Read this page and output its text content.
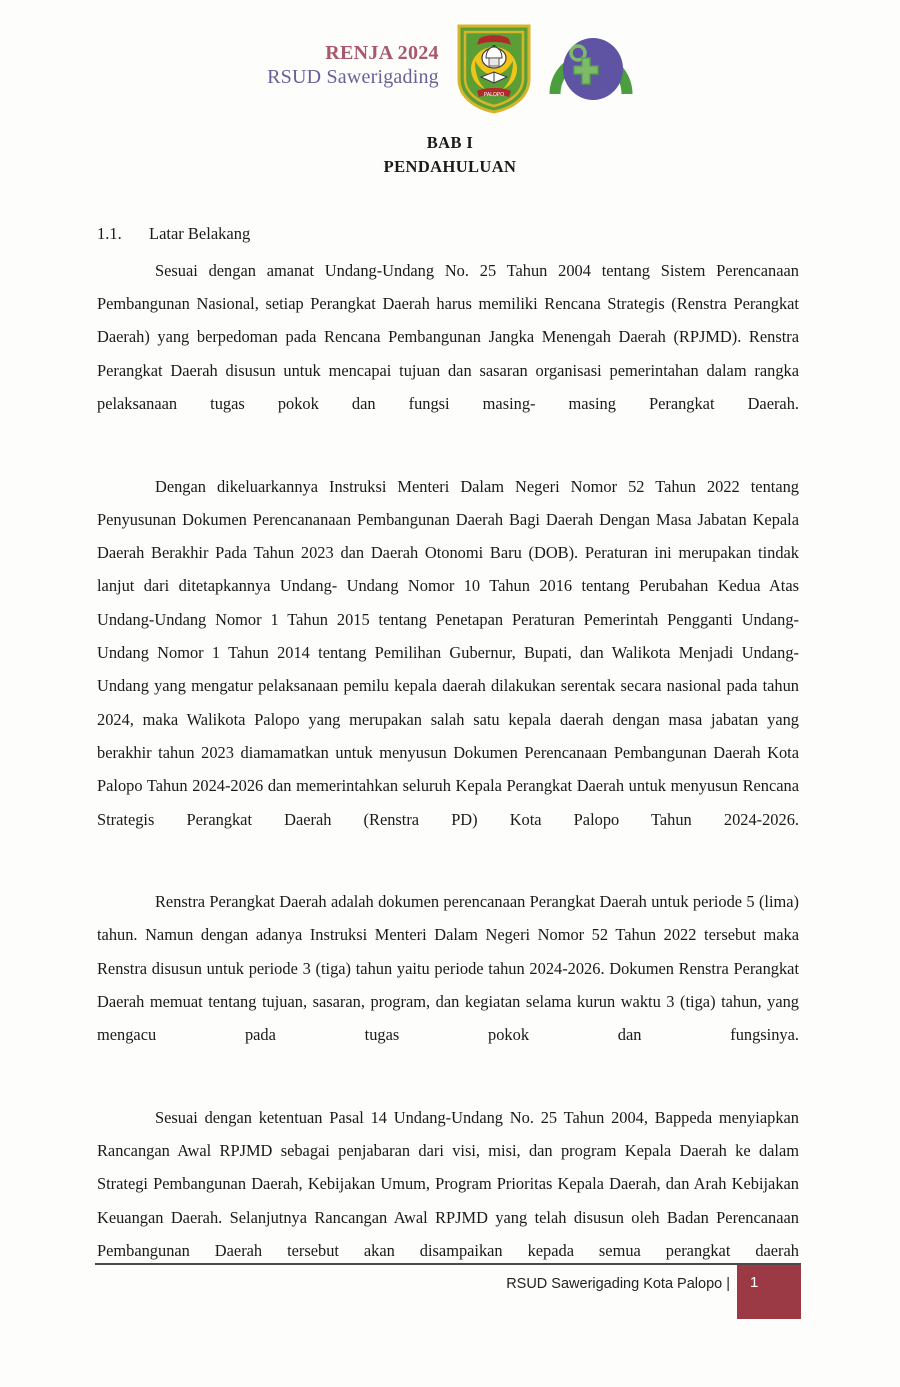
RENJA 2024
RSUD Sawerigading
PALOPO
BAB I
PENDAHULUAN
1.1.	Latar Belakang

Sesuai dengan amanat Undang-Undang No. 25 Tahun 2004 tentang Sistem Perencanaan Pembangunan Nasional, setiap Perangkat Daerah harus memiliki Rencana Strategis (Renstra Perangkat Daerah) yang berpedoman pada Rencana Pembangunan Jangka Menengah Daerah (RPJMD). Renstra Perangkat Daerah disusun untuk mencapai tujuan dan sasaran organisasi pemerintahan dalam rangka pelaksanaan tugas pokok dan fungsi masing- masing Perangkat Daerah.

Dengan dikeluarkannya Instruksi Menteri Dalam Negeri Nomor 52 Tahun 2022 tentang Penyusunan Dokumen Perencananaan Pembangunan Daerah Bagi Daerah Dengan Masa Jabatan Kepala Daerah Berakhir Pada Tahun 2023 dan Daerah Otonomi Baru (DOB). Peraturan ini merupakan tindak lanjut dari ditetapkannya Undang- Undang Nomor 10 Tahun 2016 tentang Perubahan Kedua Atas Undang-Undang Nomor 1 Tahun 2015 tentang Penetapan Peraturan Pemerintah Pengganti Undang-Undang Nomor 1 Tahun 2014 tentang Pemilihan Gubernur, Bupati, dan Walikota Menjadi Undang-Undang yang mengatur pelaksanaan pemilu kepala daerah dilakukan serentak secara nasional pada tahun 2024, maka Walikota Palopo yang merupakan salah satu kepala daerah dengan masa jabatan yang berakhir tahun 2023 diamamatkan untuk menyusun Dokumen Perencanaan Pembangunan Daerah Kota Palopo Tahun 2024-2026 dan memerintahkan seluruh Kepala Perangkat Daerah untuk menyusun Rencana Strategis Perangkat Daerah (Renstra PD) Kota Palopo Tahun 2024-2026.

Renstra Perangkat Daerah adalah dokumen perencanaan Perangkat Daerah untuk periode 5 (lima) tahun. Namun dengan adanya Instruksi Menteri Dalam Negeri Nomor 52 Tahun 2022 tersebut maka Renstra disusun untuk periode 3 (tiga) tahun yaitu periode tahun 2024-2026. Dokumen Renstra Perangkat Daerah memuat tentang tujuan, sasaran, program, dan kegiatan selama kurun waktu 3 (tiga) tahun, yang mengacu pada tugas pokok dan fungsinya.

Sesuai dengan ketentuan Pasal 14 Undang-Undang No. 25 Tahun 2004, Bappeda menyiapkan Rancangan Awal RPJMD sebagai penjabaran dari visi, misi, dan program Kepala Daerah ke dalam Strategi Pembangunan Daerah, Kebijakan Umum, Program Prioritas Kepala Daerah, dan Arah Kebijakan Keuangan Daerah. Selanjutnya Rancangan Awal RPJMD yang telah disusun oleh Badan Perencanaan Pembangunan Daerah tersebut akan disampaikan kepada semua perangkat daerah

RSUD Sawerigading Kota Palopo |	1
